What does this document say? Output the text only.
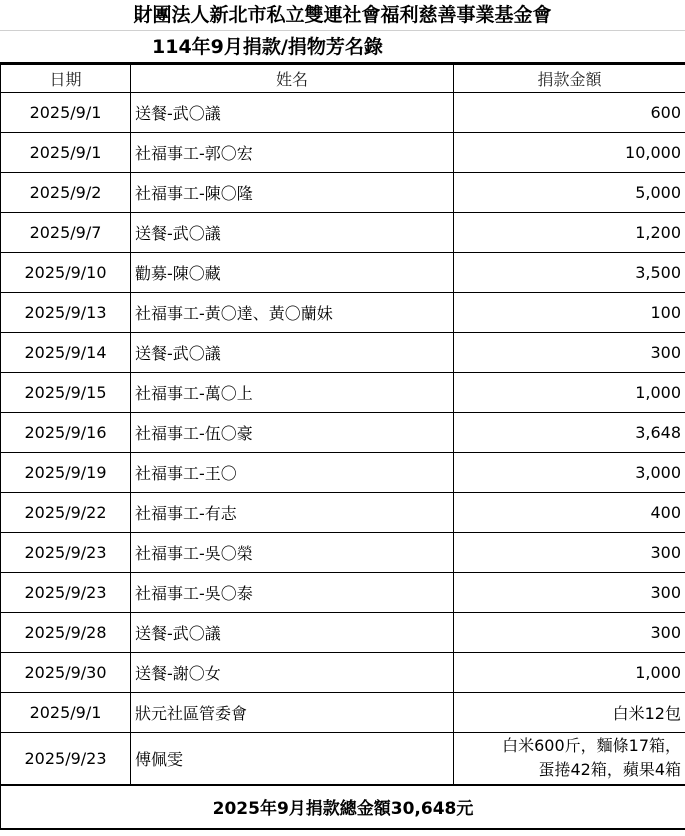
財團法人新北市私立雙連社會福利慈善事業基金會
114年9月捐款/捐物芳名錄
日期	姓名	捐款金額
2025/9/1	送餐-武〇議	600
2025/9/1	社福事工-郭〇宏	10,000
2025/9/2	社福事工-陳〇隆	5,000
2025/9/7	送餐-武〇議	1,200
2025/9/10	勸募-陳〇藏	3,500
2025/9/13	社福事工-黃〇達、黃〇蘭妹	100
2025/9/14	送餐-武〇議	300
2025/9/15	社福事工-萬〇上	1,000
2025/9/16	社福事工-伍〇豪	3,648
2025/9/19	社福事工-王〇	3,000
2025/9/22	社福事工-有志	400
2025/9/23	社福事工-吳〇榮	300
2025/9/23	社福事工-吳〇泰	300
2025/9/28	送餐-武〇議	300
2025/9/30	送餐-謝〇女	1,000
2025/9/1	狀元社區管委會	白米12包
2025/9/23	傅佩雯	白米600斤，麵條17箱，
蛋捲42箱，蘋果4箱

2025年9月捐款總金額30,648元		
